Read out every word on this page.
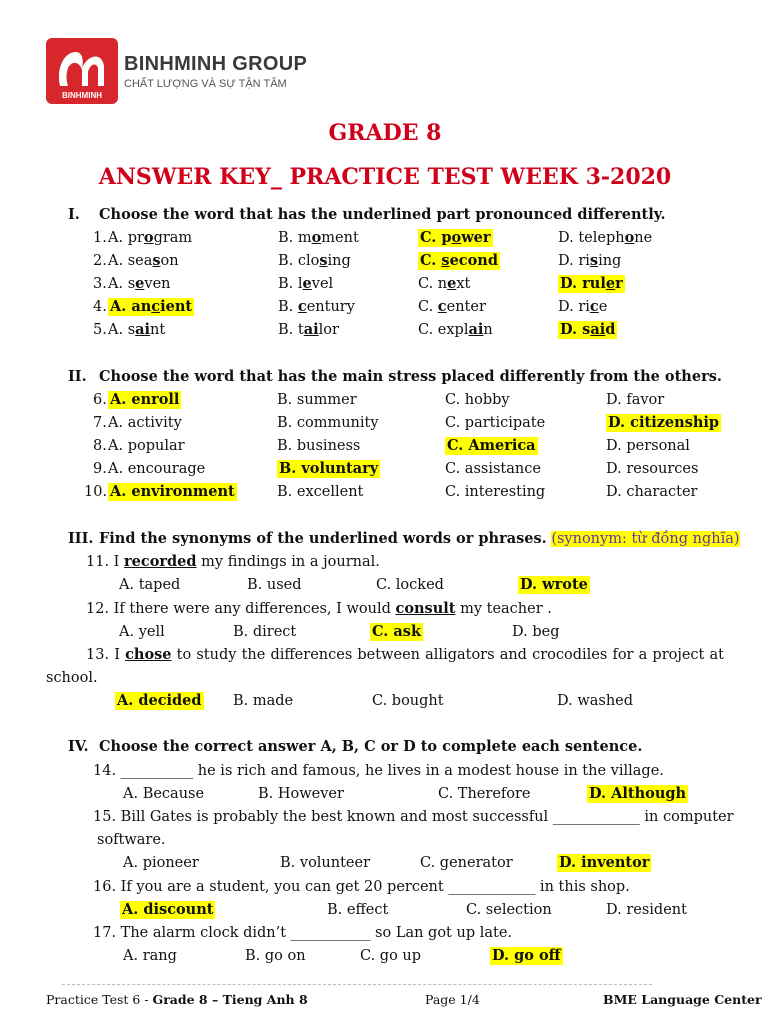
BINHMINH
BINHMINH GROUP
CHẤT LƯỢNG VÀ SỰ TẬN TÂM
GRADE 8
ANSWER KEY_ PRACTICE TEST WEEK 3-2020
I. Choose the word that has the underlined part pronounced differently.
1. A. program	B. moment	C. power	D. telephone
2. A. season	B. closing	C. second	D. rising
3. A. seven	B. level	C. next	D. ruler
4. A. ancient	B. century	C. center	D. rice
5. A. saint	B. tailor	C. explain	D. said
II. Choose the word that has the main stress placed differently from the others.
6. A. enroll	B. summer	C. hobby	D. favor
7. A. activity	B. community	C. participate	D. citizenship
8. A. popular	B. business	C. America	D. personal
9. A. encourage	B. voluntary	C. assistance	D. resources
10. A. environment	B. excellent	C. interesting	D. character
III. Find the synonyms of the underlined words or phrases. (synonym: từ đồng nghĩa)
11. I recorded my findings in a journal.
A. taped	B. used	C. locked	D. wrote
12. If there were any differences, I would consult my teacher .
A. yell	B. direct	C. ask	D. beg
13. I chose to study the differences between alligators and crocodiles for a project at
school.
A. decided B. made	C. bought	D. washed
IV. Choose the correct answer A, B, C or D to complete each sentence.
14. __________ he is rich and famous, he lives in a modest house in the village.
A. Because	B. However	C. Therefore	D. Although
15. Bill Gates is probably the best known and most successful ____________ in computer
software.
A. pioneer	B. volunteer	C. generator	D. inventor
16. If you are a student, you can get 20 percent ____________ in this shop.
A. discount	B. effect	C. selection	D. resident
17. The alarm clock didn’t ___________ so Lan got up late.
A. rang	B. go on	C. go up	D. go off
Practice Test 6 - Grade 8 – Tieng Anh 8	Page 1/4	BME Language Center
